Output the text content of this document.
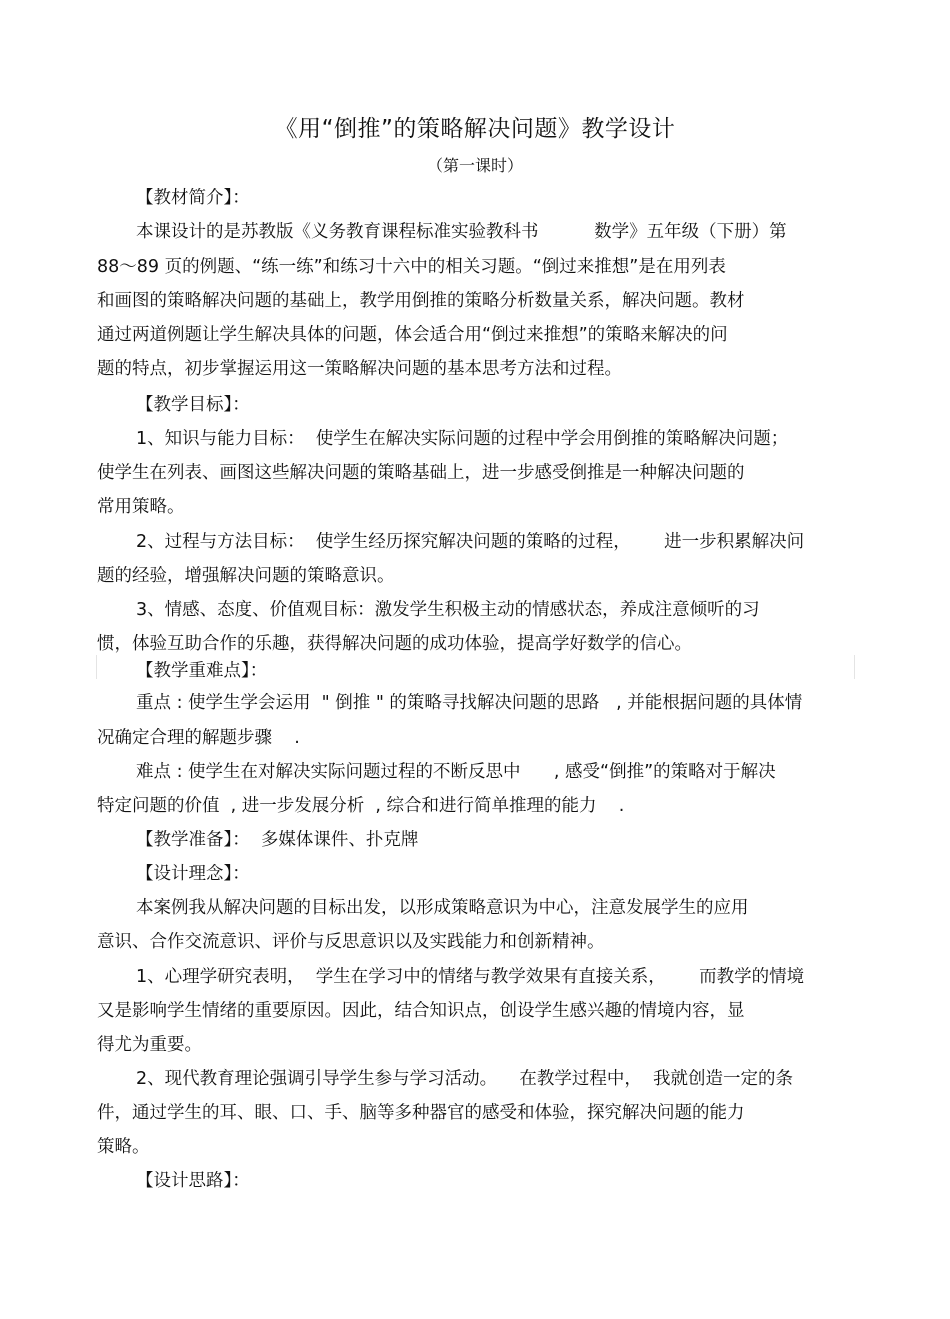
《用“倒推”的策略解决问题》教学设计
（第一课时）
【教材简介】：
本课设计的是苏教版《义务教育课程标准实验教科书          数学》五年级（下册）第
88～89 页的例题、“练一练”和练习十六中的相关习题。“倒过来推想”是在用列表
和画图的策略解决问题的基础上，教学用倒推的策略分析数量关系，解决问题。教材
通过两道例题让学生解决具体的问题，体会适合用“倒过来推想”的策略来解决的问
题的特点，初步掌握运用这一策略解决问题的基本思考方法和过程。
【教学目标】：
1、知识与能力目标：  使学生在解决实际问题的过程中学会用倒推的策略解决问题；
使学生在列表、画图这些解决问题的策略基础上，进一步感受倒推是一种解决问题的
常用策略。
2、过程与方法目标：  使学生经历探究解决问题的策略的过程，      进一步积累解决问
题的经验，增强解决问题的策略意识。
3、情感、态度、价值观目标：激发学生积极主动的情感状态，养成注意倾听的习
惯，体验互助合作的乐趣，获得解决问题的成功体验，提高学好数学的信心。
【教学重难点】：
重点 : 使学生学会运用  " 倒推 " 的策略寻找解决问题的思路   , 并能根据问题的具体情
况确定合理的解题步骤    .
难点 : 使学生在对解决实际问题过程的不断反思中      , 感受“倒推”的策略对于解决
特定问题的价值  , 进一步发展分析  , 综合和进行简单推理的能力    .
【教学准备】：  多媒体课件、扑克牌
【设计理念】：
本案例我从解决问题的目标出发，以形成策略意识为中心，注意发展学生的应用
意识、合作交流意识、评价与反思意识以及实践能力和创新精神。
1、心理学研究表明，  学生在学习中的情绪与教学效果有直接关系，      而教学的情境
又是影响学生情绪的重要原因。因此，结合知识点，创设学生感兴趣的情境内容，显
得尤为重要。
2、现代教育理论强调引导学生参与学习活动。    在教学过程中，  我就创造一定的条
件，通过学生的耳、眼、口、手、脑等多种器官的感受和体验，探究解决问题的能力
策略。
【设计思路】：
